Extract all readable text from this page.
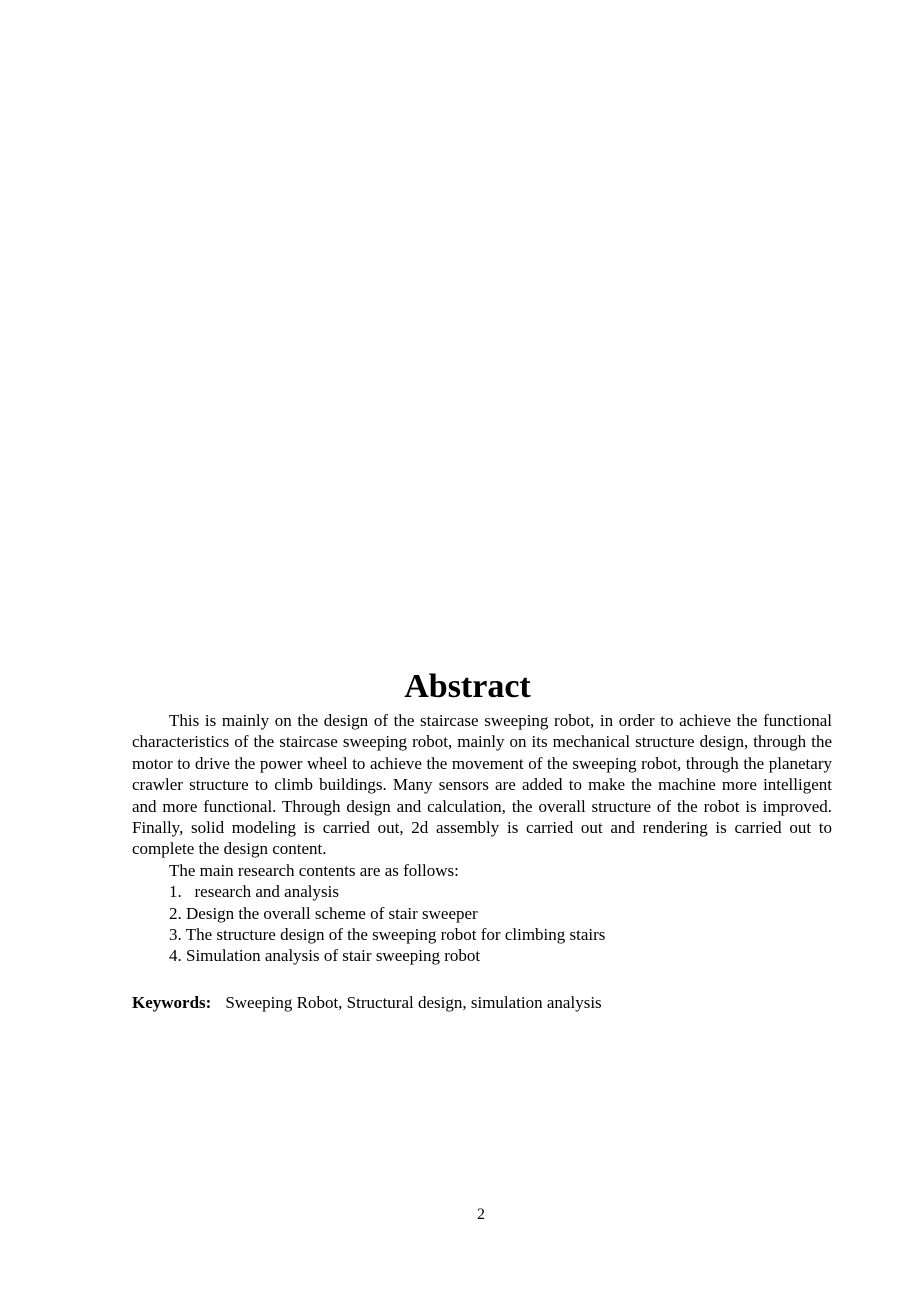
Abstract

This is mainly on the design of the staircase sweeping robot, in order to achieve the functional characteristics of the staircase sweeping robot, mainly on its mechanical structure design, through the motor to drive the power wheel to achieve the movement of the sweeping robot, through the planetary crawler structure to climb buildings. Many sensors are added to make the machine more intelligent and more functional. Through design and calculation, the overall structure of the robot is improved. Finally, solid modeling is carried out, 2d assembly is carried out and rendering is carried out to complete the design content.

The main research contents are as follows:
1.   research and analysis
2. Design the overall scheme of stair sweeper
3. The structure design of the sweeping robot for climbing stairs
4. Simulation analysis of stair sweeping robot
Keywords: Sweeping Robot, Structural design, simulation analysis
2
